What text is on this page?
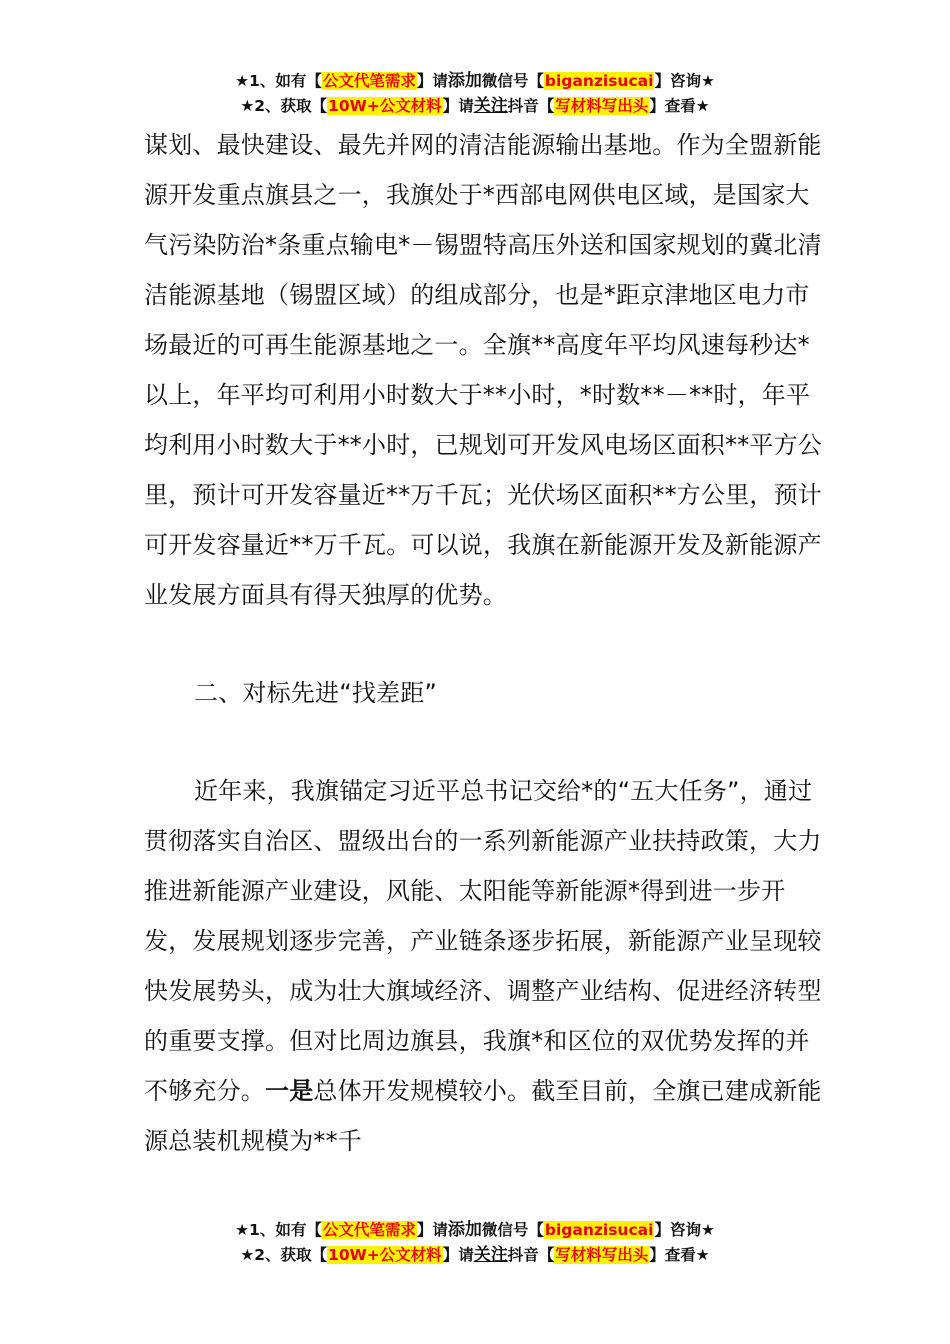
★1、如有【公文代笔需求】请添加微信号【biganzisucai】咨询★
★2、获取【10W+公文材料】请关注抖音【写材料写出头】查看★

谋划、最快建设、最先并网的清洁能源输出基地。作为全盟新能源开发重点旗县之一，我旗处于*西部电网供电区域，是国家大气污染防治*条重点输电*－锡盟特高压外送和国家规划的冀北清洁能源基地（锡盟区域）的组成部分，也是*距京津地区电力市场最近的可再生能源基地之一。全旗**高度年平均风速每秒达*以上，年平均可利用小时数大于**小时，*时数**－**时，年平均利用小时数大于**小时，已规划可开发风电场区面积**平方公里，预计可开发容量近**万千瓦；光伏场区面积**方公里，预计可开发容量近**万千瓦。可以说，我旗在新能源开发及新能源产业发展方面具有得天独厚的优势。

二、对标先进“找差距”

近年来，我旗锚定习近平总书记交给*的“五大任务”，通过贯彻落实自治区、盟级出台的一系列新能源产业扶持政策，大力推进新能源产业建设，风能、太阳能等新能源*得到进一步开发，发展规划逐步完善，产业链条逐步拓展，新能源产业呈现较快发展势头，成为壮大旗域经济、调整产业结构、促进经济转型的重要支撑。但对比周边旗县，我旗*和区位的双优势发挥的并不够充分。一是总体开发规模较小。截至目前，全旗已建成新能源总装机规模为**千

★1、如有【公文代笔需求】请添加微信号【biganzisucai】咨询★
★2、获取【10W+公文材料】请关注抖音【写材料写出头】查看★
